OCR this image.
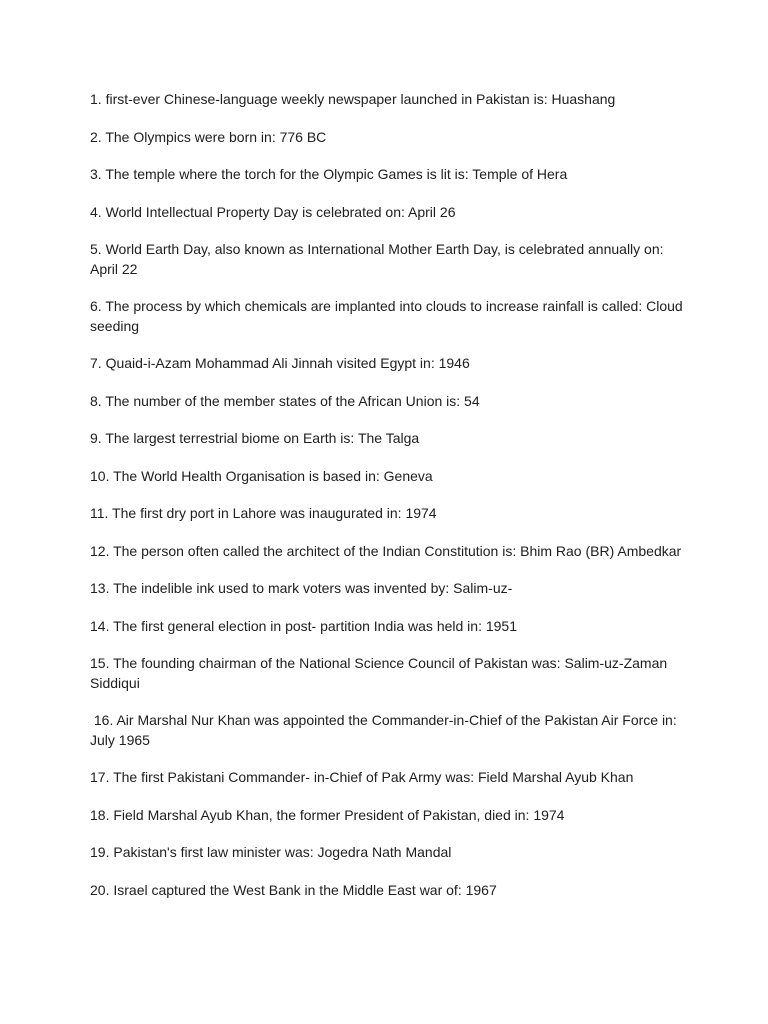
1. first-ever Chinese-language weekly newspaper launched in Pakistan is: Huashang

2. The Olympics were born in: 776 BC

3. The temple where the torch for the Olympic Games is lit is: Temple of Hera

4. World Intellectual Property Day is celebrated on: April 26

5. World Earth Day, also known as International Mother Earth Day, is celebrated annually on: April 22

6. The process by which chemicals are implanted into clouds to increase rainfall is called: Cloud seeding

7. Quaid-i-Azam Mohammad Ali Jinnah visited Egypt in: 1946

8. The number of the member states of the African Union is: 54

9. The largest terrestrial biome on Earth is: The Talga

10. The World Health Organisation is based in: Geneva

11. The first dry port in Lahore was inaugurated in: 1974

12. The person often called the architect of the Indian Constitution is: Bhim Rao (BR) Ambedkar

13. The indelible ink used to mark voters was invented by: Salim-uz-

14. The first general election in post- partition India was held in: 1951

15. The founding chairman of the National Science Council of Pakistan was: Salim-uz-Zaman Siddiqui

16. Air Marshal Nur Khan was appointed the Commander-in-Chief of the Pakistan Air Force in: July 1965

17. The first Pakistani Commander- in-Chief of Pak Army was: Field Marshal Ayub Khan

18. Field Marshal Ayub Khan, the former President of Pakistan, died in: 1974

19. Pakistan's first law minister was: Jogedra Nath Mandal

20. Israel captured the West Bank in the Middle East war of: 1967
